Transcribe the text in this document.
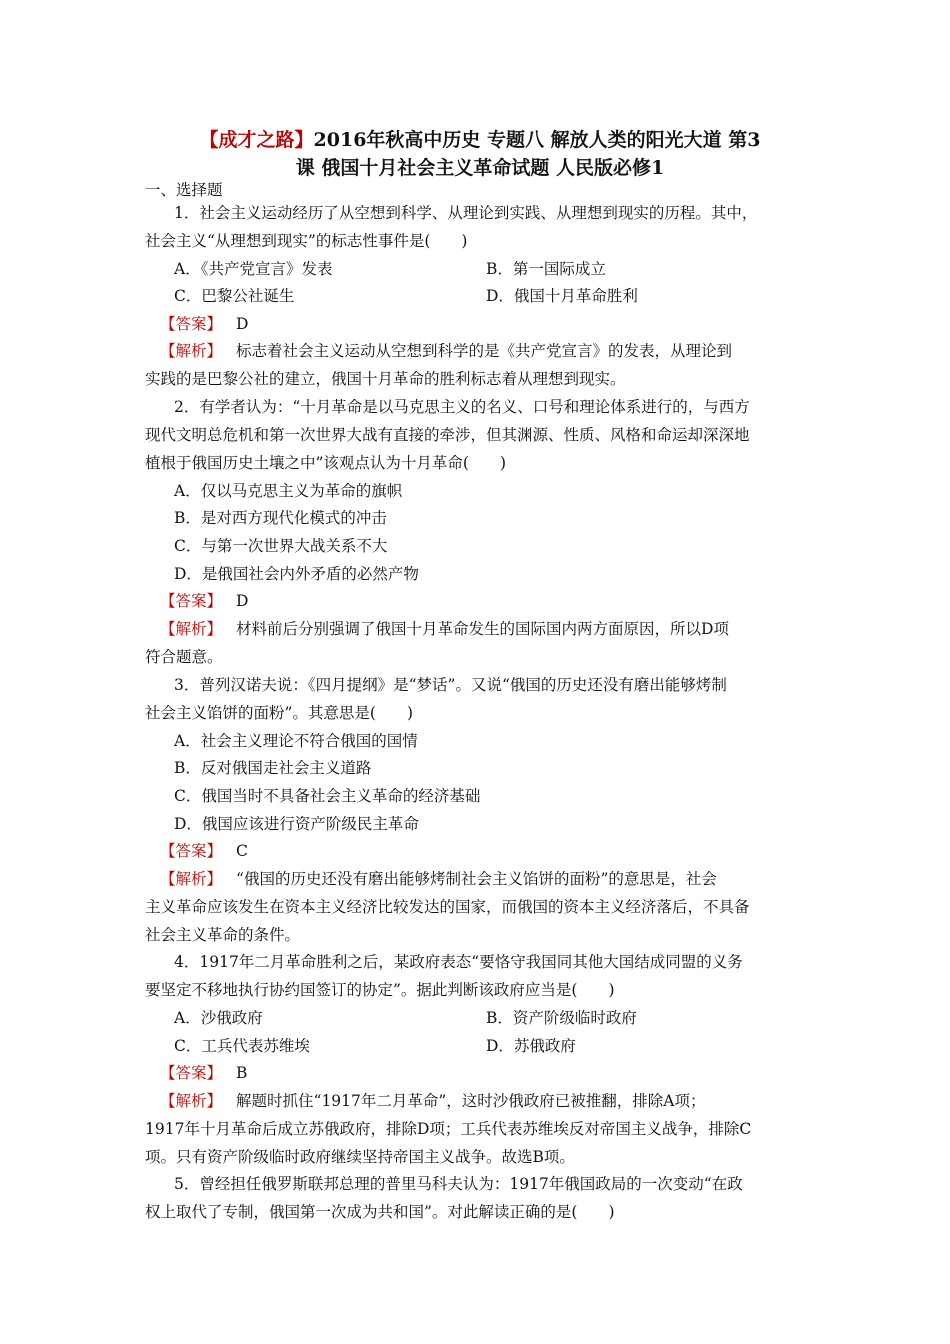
【成才之路】2016年秋高中历史 专题八 解放人类的阳光大道 第3
课 俄国十月社会主义革命试题 人民版必修1
一、选择题
1．社会主义运动经历了从空想到科学、从理论到实践、从理想到现实的历程。其中，
社会主义“从理想到现实”的标志性事件是(　　)
A．《共产党宣言》发表	B．第一国际成立
C．巴黎公社诞生	D．俄国十月革命胜利
【答案】 D
【解析】 标志着社会主义运动从空想到科学的是《共产党宣言》的发表，从理论到
实践的是巴黎公社的建立，俄国十月革命的胜利标志着从理想到现实。
2．有学者认为：“十月革命是以马克思主义的名义、口号和理论体系进行的，与西方
现代文明总危机和第一次世界大战有直接的牵涉，但其渊源、性质、风格和命运却深深地
植根于俄国历史土壤之中”该观点认为十月革命(　　)
A．仅以马克思主义为革命的旗帜
B．是对西方现代化模式的冲击
C．与第一次世界大战关系不大
D．是俄国社会内外矛盾的必然产物
【答案】 D
【解析】 材料前后分别强调了俄国十月革命发生的国际国内两方面原因，所以D项
符合题意。
3．普列汉诺夫说：《四月提纲》是“梦话”。又说“俄国的历史还没有磨出能够烤制
社会主义馅饼的面粉”。其意思是(　　)
A．社会主义理论不符合俄国的国情
B．反对俄国走社会主义道路
C．俄国当时不具备社会主义革命的经济基础
D．俄国应该进行资产阶级民主革命
【答案】 C
【解析】 “俄国的历史还没有磨出能够烤制社会主义馅饼的面粉”的意思是，社会
主义革命应该发生在资本主义经济比较发达的国家，而俄国的资本主义经济落后，不具备
社会主义革命的条件。
4．1917年二月革命胜利之后，某政府表态“要恪守我国同其他大国结成同盟的义务
要坚定不移地执行协约国签订的协定”。据此判断该政府应当是(　　)
A．沙俄政府	B．资产阶级临时政府
C．工兵代表苏维埃	D．苏俄政府
【答案】 B
【解析】 解题时抓住“1917年二月革命”，这时沙俄政府已被推翻，排除A项；
1917年十月革命后成立苏俄政府，排除D项；工兵代表苏维埃反对帝国主义战争，排除C
项。只有资产阶级临时政府继续坚持帝国主义战争。故选B项。
5．曾经担任俄罗斯联邦总理的普里马科夫认为：1917年俄国政局的一次变动“在政
权上取代了专制，俄国第一次成为共和国”。对此解读正确的是(　　)
